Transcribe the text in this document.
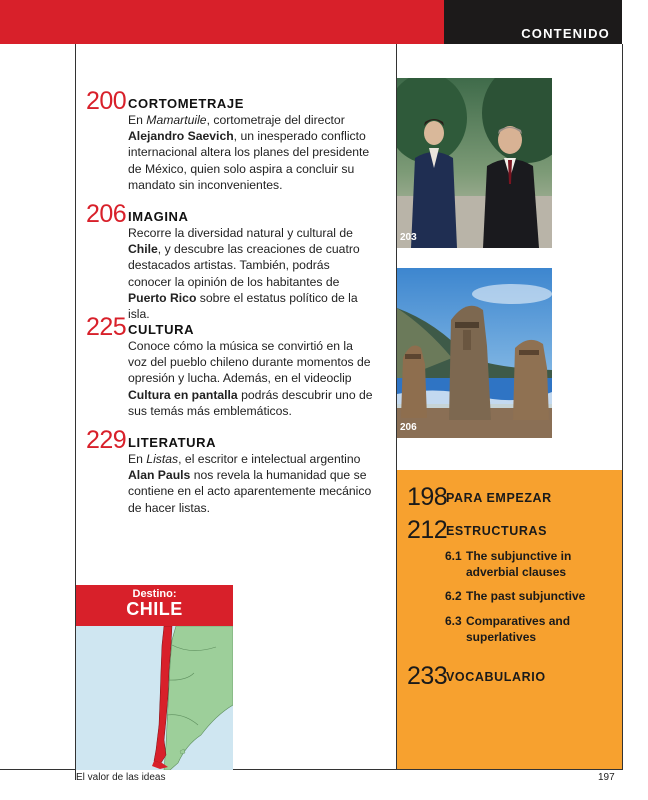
CONTENIDO
200 CORTOMETRAJE
En Mamartuile, cortometraje del director Alejandro Saevich, un inesperado conflicto internacional altera los planes del presidente de México, quien solo aspira a concluir su mandato sin inconvenientes.
206 IMAGINA
Recorre la diversidad natural y cultural de Chile, y descubre las creaciones de cuatro destacados artistas. También, podrás conocer la opinión de los habitantes de Puerto Rico sobre el estatus político de la isla.
225 CULTURA
Conoce cómo la música se convirtió en la voz del pueblo chileno durante momentos de opresión y lucha. Además, en el videoclip Cultura en pantalla podrás descubrir uno de sus temás más emblemáticos.
229 LITERATURA
En Listas, el escritor e intelectual argentino Alan Pauls nos revela la humanidad que se contiene en el acto aparentemente mecánico de hacer listas.
203
206
198
PARA EMPEZAR
212
ESTRUCTURAS
6.1 The subjunctive in adverbial clauses
6.2 The past subjunctive
6.3 Comparatives and superlatives
233
VOCABULARIO
Destino:
CHILE
El valor de las ideas	197
